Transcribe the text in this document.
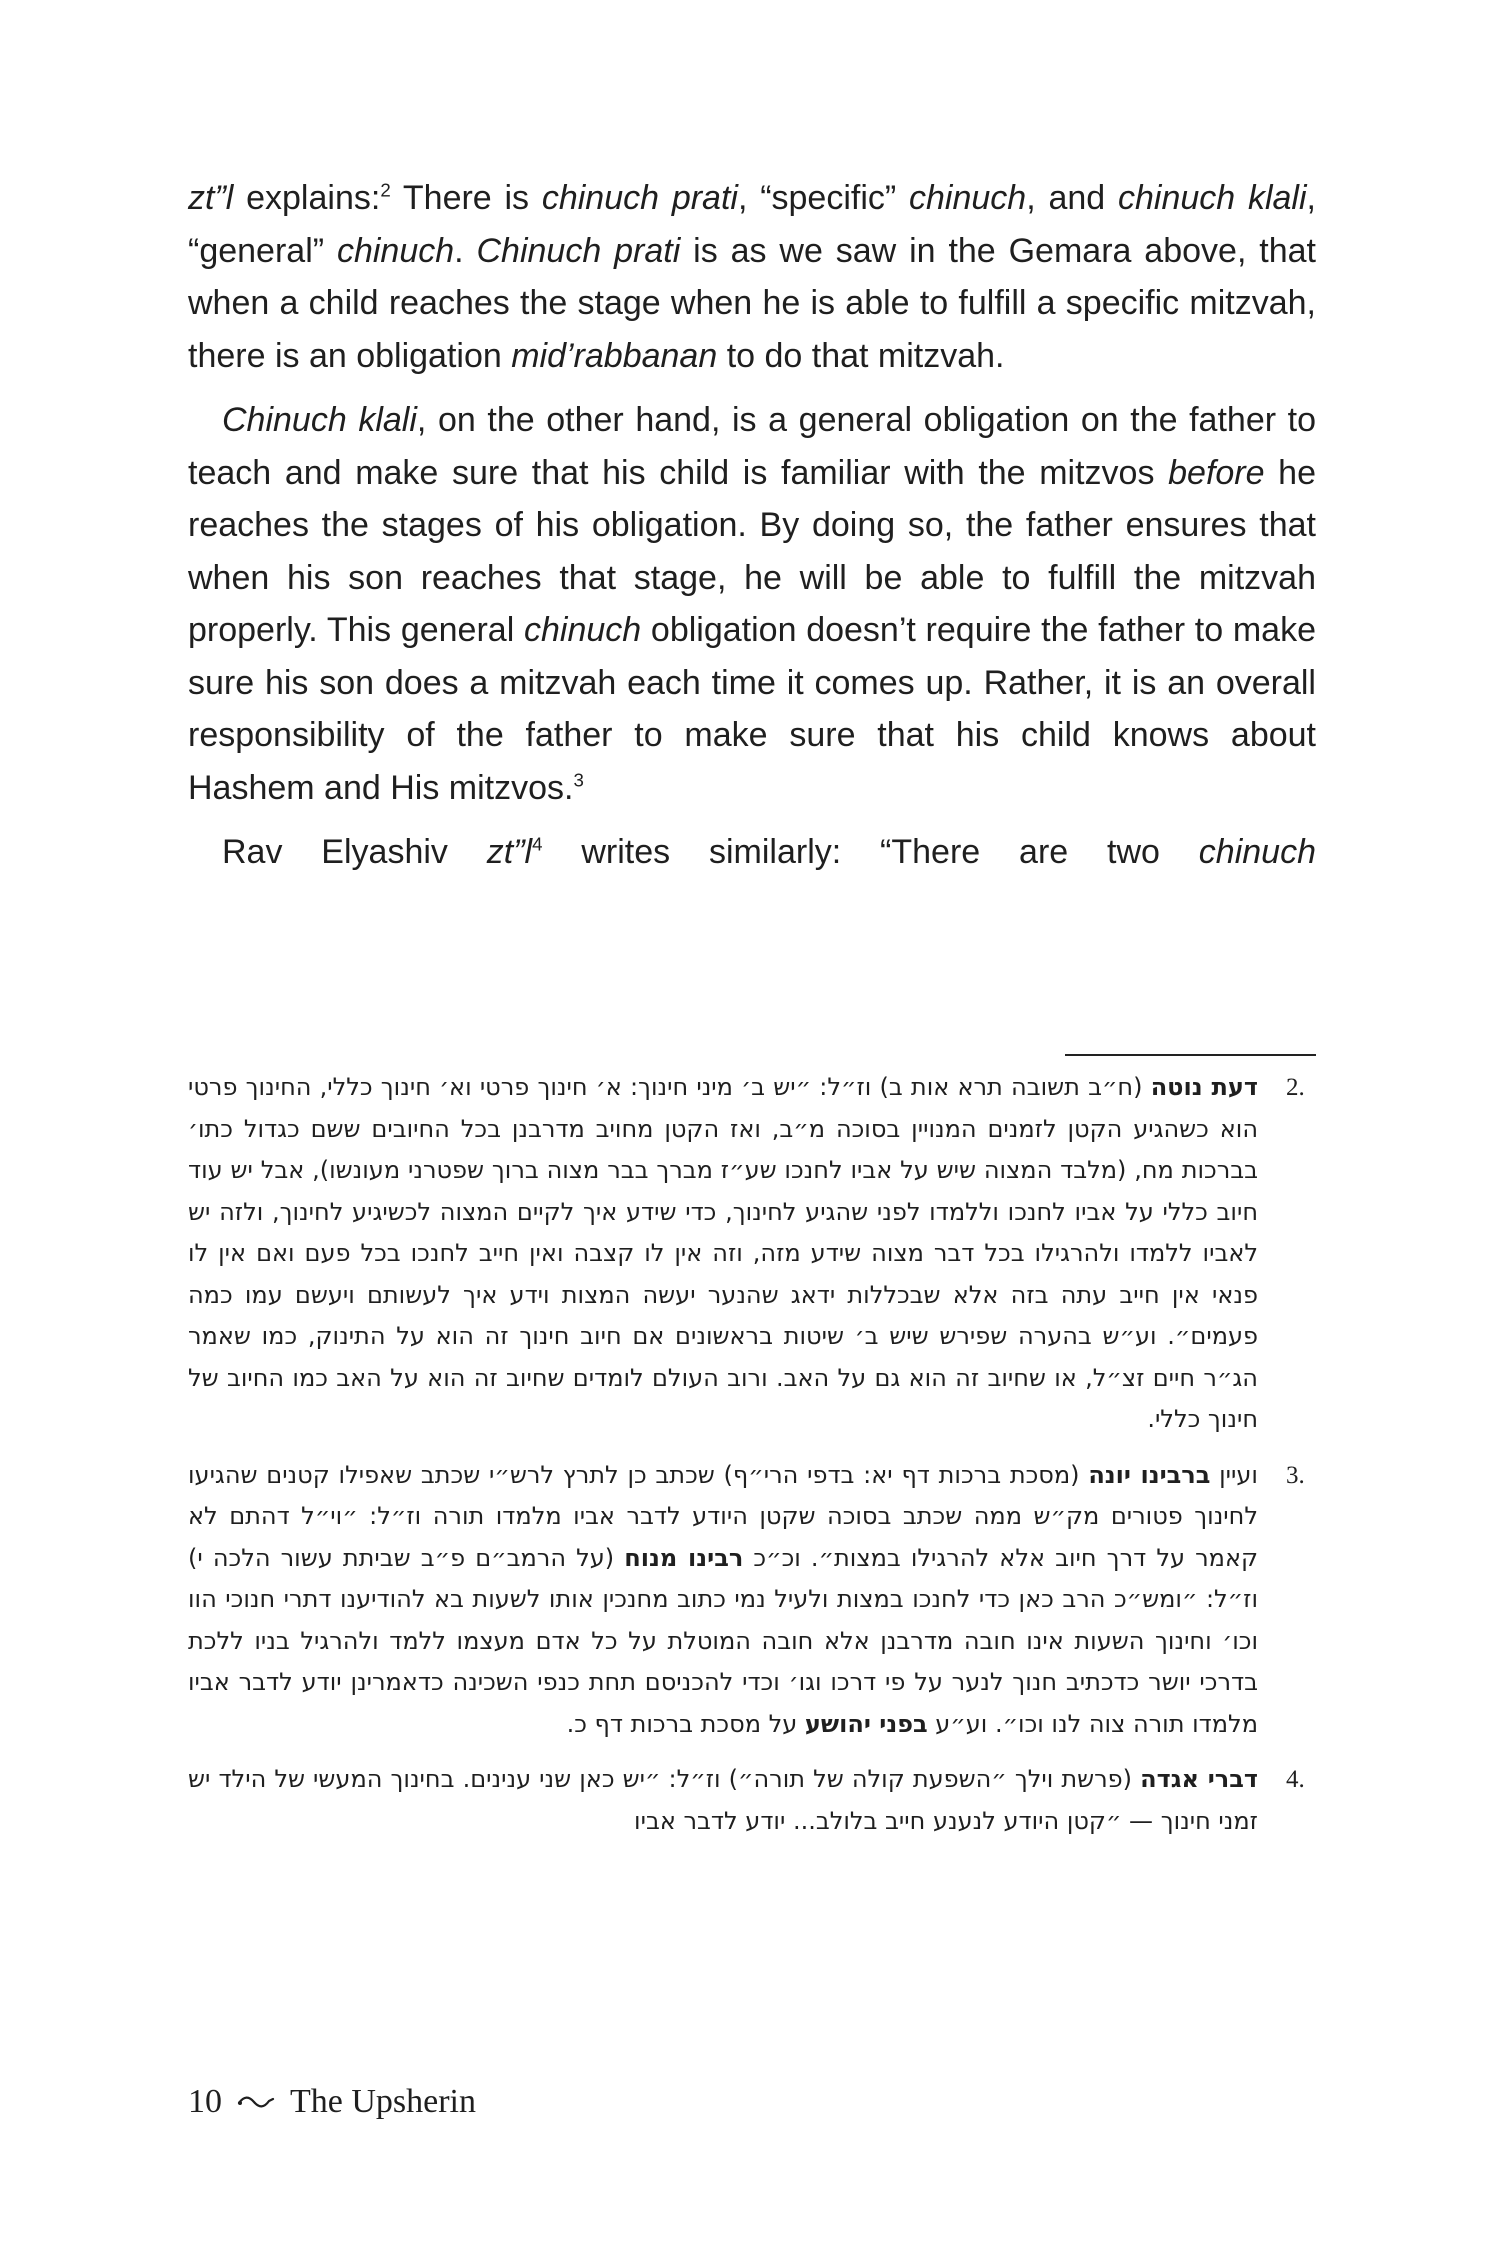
zt”l explains:$^2$ There is chinuch prati, “specific” chinuch, and chinuch klali, “general” chinuch. Chinuch prati is as we saw in the Gemara above, that when a child reaches the stage when he is able to fulfill a specific mitzvah, there is an obligation mid’rabbanan to do that mitzvah.

Chinuch klali, on the other hand, is a general obligation on the father to teach and make sure that his child is familiar with the mitzvos before he reaches the stages of his obligation. By doing so, the father ensures that when his son reaches that stage, he will be able to fulfill the mitzvah properly. This general chinuch obligation doesn’t require the father to make sure his son does a mitzvah each time it comes up. Rather, it is an overall responsibility of the father to make sure that his child knows about Hashem and His mitzvos.$^3$

Rav Elyashiv $zt”l^4$ writes similarly: “There are two chinuch

2.
דעת נוטה (ח״ב תשובה תרא אות ב) וז״ל: ״יש ב׳ מיני חינוך: א׳ חינוך פרטי וא׳ חינוך כללי, החינוך פרטי הוא כשהגיע הקטן לזמנים המנויין בסוכה מ״ב, ואז הקטן מחויב מדרבנן בכל החיובים ששם כגדול כתו׳ בברכות מח, (מלבד המצוה שיש על אביו לחנכו שע״ז מברך בבר מצוה ברוך שפטרני מעונשו), אבל יש עוד חיוב כללי על אביו לחנכו וללמדו לפני שהגיע לחינוך, כדי שידע איך לקיים המצוה לכשיגיע לחינוך, ולזה יש לאביו ללמדו ולהרגילו בכל דבר מצוה שידע מזה, וזה אין לו קצבה ואין חייב לחנכו בכל פעם ואם אין לו פנאי אין חייב עתה בזה אלא שבכללות ידאג שהנער יעשה המצות וידע איך לעשותם ויעשם עמו כמה פעמים״. וע״ש בהערה שפירש שיש ב׳ שיטות בראשונים אם חיוב חינוך זה הוא על התינוק, כמו שאמר הג״ר חיים זצ״ל, או שחיוב זה הוא גם על האב. ורוב העולם לומדים שחיוב זה הוא על האב כמו החיוב של חינוך כללי.
3.
ועיין ברבינו יונה (מסכת ברכות דף יא: בדפי הרי״ף) שכתב כן לתרץ לרש״י שכתב שאפילו קטנים שהגיעו לחינוך פטורים מק״ש ממה שכתב בסוכה שקטן היודע לדבר אביו מלמדו תורה וז״ל: ״וי״ל דהתם לא קאמר על דרך חיוב אלא להרגילו במצות״. וכ״כ רבינו מנוח (על הרמב״ם פ״ב שביתת עשור הלכה י) וז״ל: ״ומש״כ הרב כאן כדי לחנכו במצות ולעיל נמי כתוב מחנכין אותו לשעות בא להודיענו דתרי חנוכי הוו וכו׳ וחינוך השעות אינו חובה מדרבנן אלא חובה המוטלת על כל אדם מעצמו ללמד ולהרגיל בניו ללכת בדרכי יושר כדכתיב חנוך לנער על פי דרכו וגו׳ וכדי להכניסם תחת כנפי השכינה כדאמרינן יודע לדבר אביו מלמדו תורה צוה לנו וכו״. וע״ע בפני יהושע על מסכת ברכות דף כ.
4.
דברי אגדה (פרשת וילך ״השפעת קולה של תורה״) וז״ל: ״יש כאן שני ענינים. בחינוך המעשי של הילד יש זמני חינוך — ״קטן היודע לנענע חייב בלולב... יודע לדבר אביו
10 The Upsherin
